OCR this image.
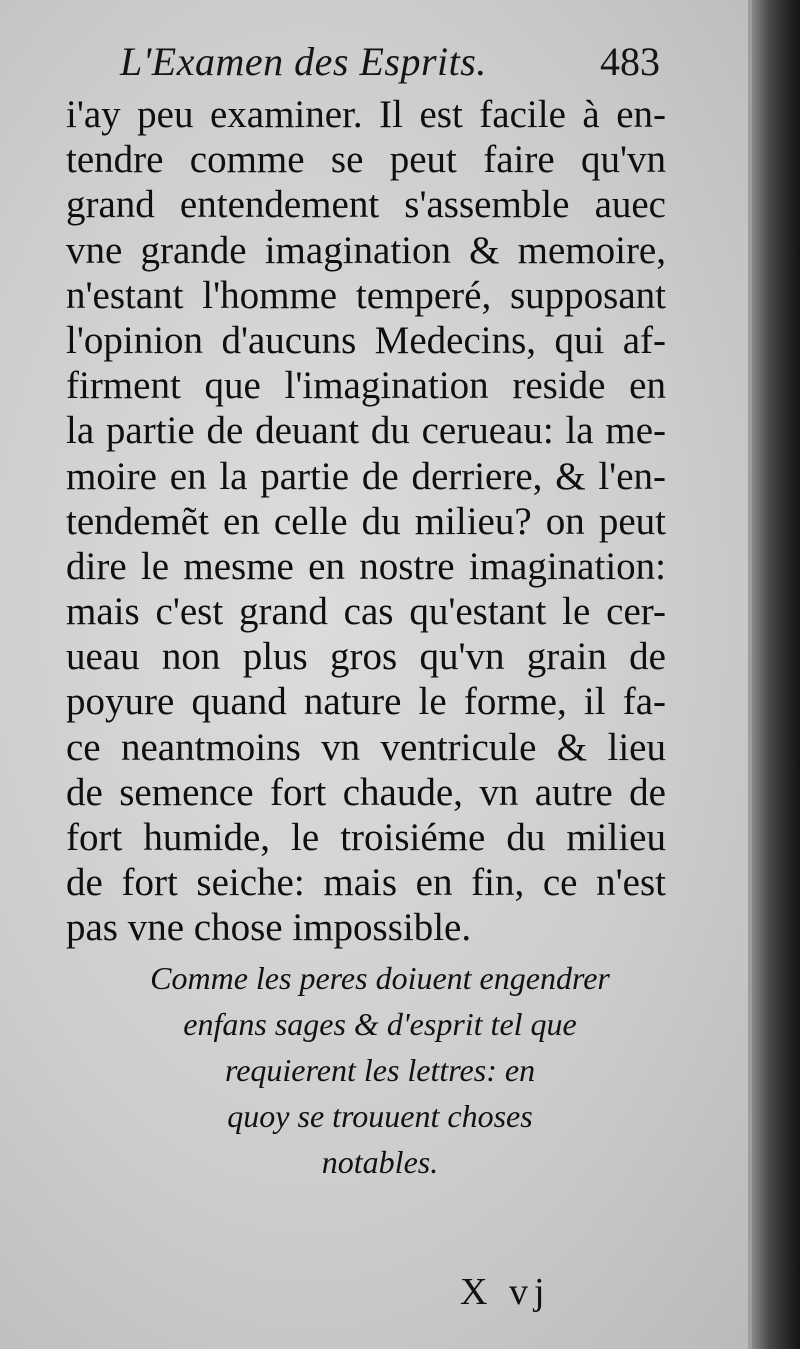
L'Examen des Esprits.	483
i'ay peu examiner. Il est facile à en-
tendre comme se peut faire qu'vn
grand entendement s'assemble auec
vne grande imagination & memoire,
n'estant l'homme temperé, supposant
l'opinion d'aucuns Medecins, qui af-
firment que l'imagination reside en
la partie de deuant du cerueau: la me-
moire en la partie de derriere, & l'en-
tendemẽt en celle du milieu? on peut
dire le mesme en nostre imagination:
mais c'est grand cas qu'estant le cer-
ueau non plus gros qu'vn grain de
poyure quand nature le forme, il fa-
ce neantmoins vn ventricule & lieu
de semence fort chaude, vn autre de
fort humide, le troisiéme du milieu
de fort seiche: mais en fin, ce n'est
pas vne chose impossible.
Comme les peres doiuent engendrer
enfans sages & d'esprit tel que
requierent les lettres: en
quoy se trouuent choses
notables.
X vj
